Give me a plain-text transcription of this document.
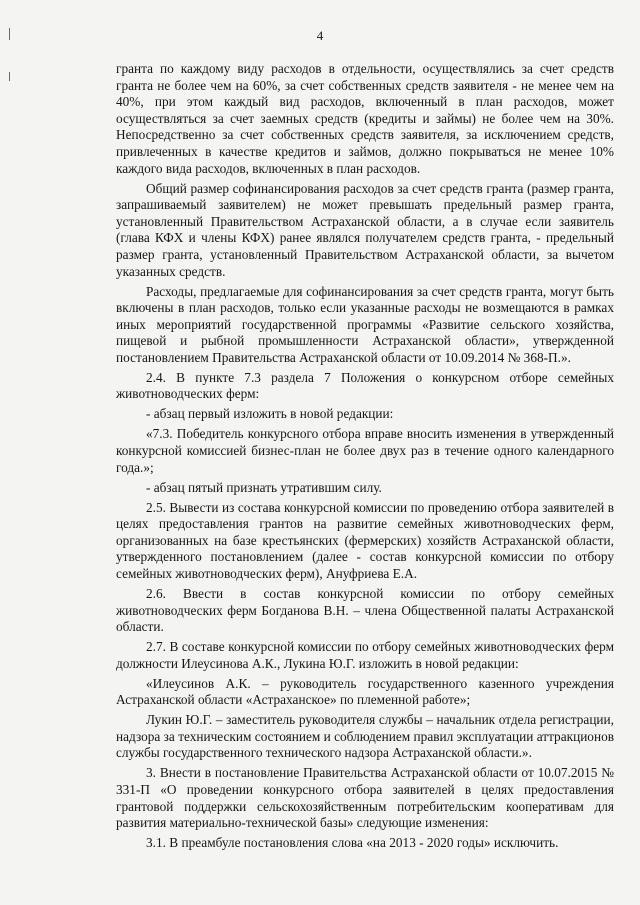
4

гранта по каждому виду расходов в отдельности, осуществлялись за счет средств гранта не более чем на 60%, за счет собственных средств заявителя - не менее чем на 40%, при этом каждый вид расходов, включенный в план расходов, может осуществляться за счет заемных средств (кредиты и займы) не более чем на 30%. Непосредственно за счет собственных средств заявителя, за исключением средств, привлеченных в качестве кредитов и займов, должно покрываться не менее 10% каждого вида расходов, включенных в план расходов.

Общий размер софинансирования расходов за счет средств гранта (размер гранта, запрашиваемый заявителем) не может превышать предельный размер гранта, установленный Правительством Астраханской области, а в случае если заявитель (глава КФХ и члены КФХ) ранее являлся получателем средств гранта, - предельный размер гранта, установленный Правительством Астраханской области, за вычетом указанных средств.

Расходы, предлагаемые для софинансирования за счет средств гранта, могут быть включены в план расходов, только если указанные расходы не возмещаются в рамках иных мероприятий государственной программы «Развитие сельского хозяйства, пищевой и рыбной промышленности Астраханской области», утвержденной постановлением Правительства Астраханской области от 10.09.2014 № 368-П.».

2.4. В пункте 7.3 раздела 7 Положения о конкурсном отборе семейных животноводческих ферм:

- абзац первый изложить в новой редакции:

«7.3. Победитель конкурсного отбора вправе вносить изменения в утвержденный конкурсной комиссией бизнес-план не более двух раз в течение одного календарного года.»;

- абзац пятый признать утратившим силу.

2.5. Вывести из состава конкурсной комиссии по проведению отбора заявителей в целях предоставления грантов на развитие семейных животноводческих ферм, организованных на базе крестьянских (фермерских) хозяйств Астраханской области, утвержденного постановлением (далее - состав конкурсной комиссии по отбору семейных животноводческих ферм), Ануфриева Е.А.

2.6. Ввести в состав конкурсной комиссии по отбору семейных животноводческих ферм Богданова В.Н. – члена Общественной палаты Астраханской области.

2.7. В составе конкурсной комиссии по отбору семейных животноводческих ферм должности Илеусинова А.К., Лукина Ю.Г. изложить в новой редакции:

«Илеусинов А.К. – руководитель государственного казенного учреждения Астраханской области «Астраханское» по племенной работе»;

Лукин Ю.Г. – заместитель руководителя службы – начальник отдела регистрации, надзора за техническим состоянием и соблюдением правил эксплуатации аттракционов службы государственного технического надзора Астраханской области.».

3. Внести в постановление Правительства Астраханской области от 10.07.2015 № 331-П «О проведении конкурсного отбора заявителей в целях предоставления грантовой поддержки сельскохозяйственным потребительским кооперативам для развития материально-технической базы» следующие изменения:

3.1. В преамбуле постановления слова «на 2013 - 2020 годы» исключить.
